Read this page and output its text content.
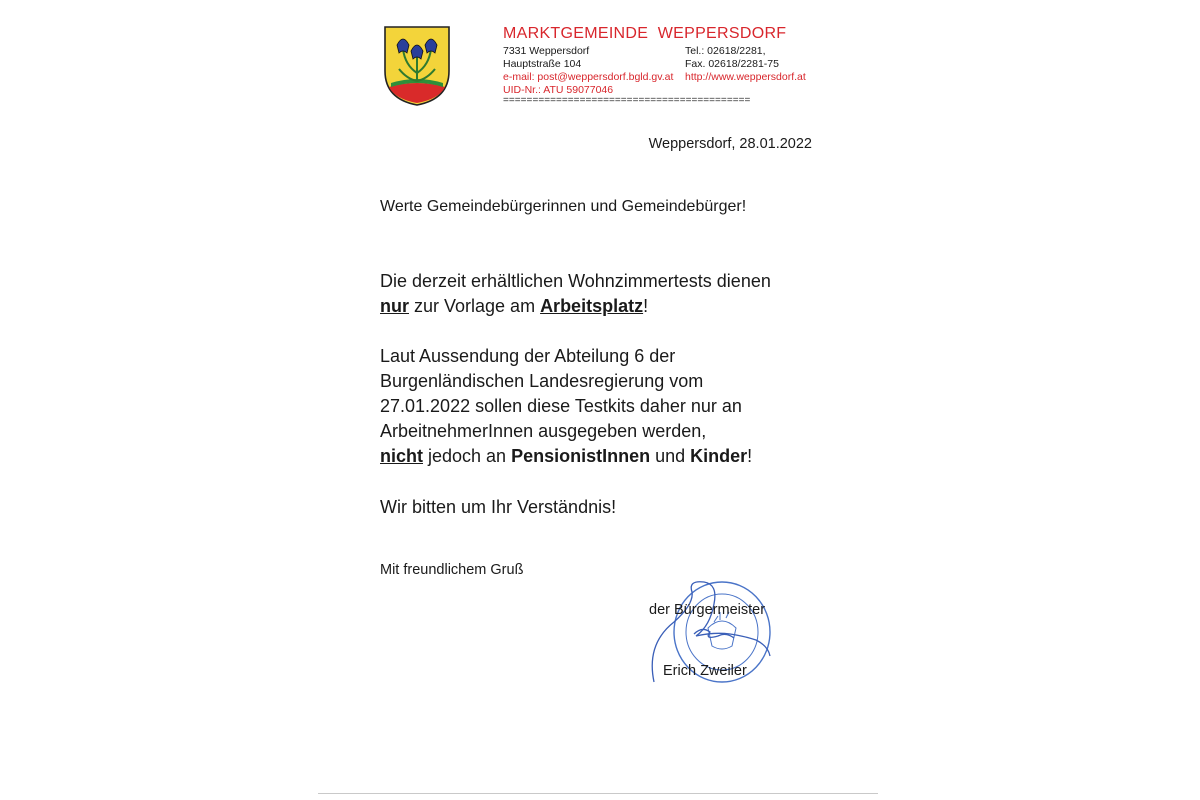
MARKTGEMEINDE  WEPPERSDORF
7331 Weppersdorf
Hauptstraße 104
e-mail: post@weppersdorf.bgld.gv.at
UID-Nr.: ATU 59077046
Tel.: 02618/2281,
Fax. 02618/2281-75
http://www.weppersdorf.at
==========================================
Weppersdorf, 28.01.2022
Werte Gemeindebürgerinnen und Gemeindebürger!

Die derzeit erhältlichen Wohnzimmertests dienen

nur zur Vorlage am Arbeitsplatz!

Laut Aussendung der Abteilung 6 der

Burgenländischen Landesregierung vom

27.01.2022 sollen diese Testkits daher nur an

ArbeitnehmerInnen ausgegeben werden,

nicht jedoch an PensionistInnen und Kinder!

Wir bitten um Ihr Verständnis!
Mit freundlichem Gruß
der Bürgermeister
Erich Zweiler
